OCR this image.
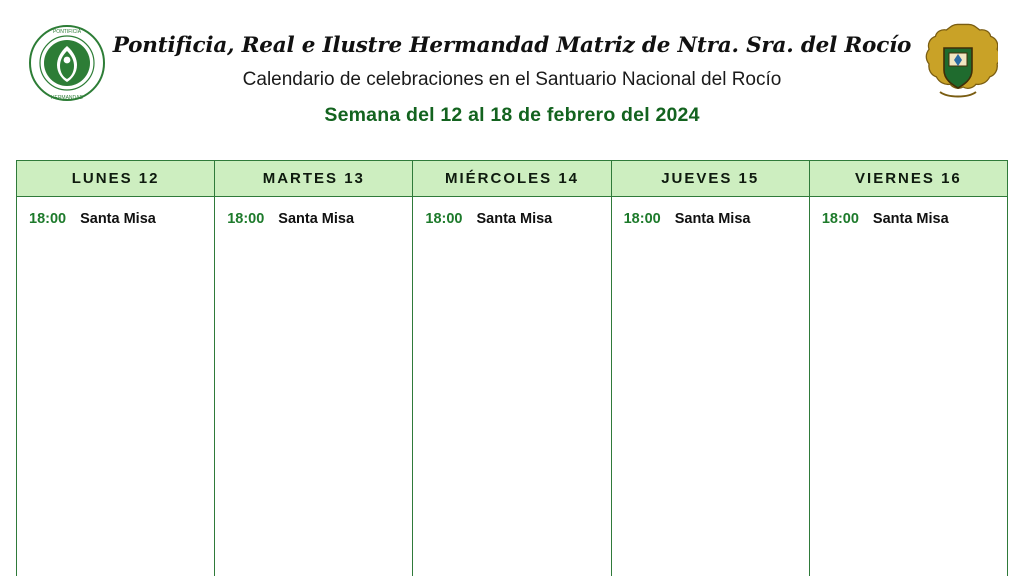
PONTIFICIA
HERMANDAD
Pontificia, Real e Ilustre Hermandad Matriz de Ntra. Sra. del Rocío
Calendario de celebraciones en el Santuario Nacional del Rocío
Semana del 12 al 18 de febrero del 2024
LUNES 12
18:00 Santa Misa
MARTES 13
18:00 Santa Misa
MIÉRCOLES 14
18:00 Santa Misa
JUEVES 15
18:00 Santa Misa
VIERNES 16
18:00 Santa Misa
